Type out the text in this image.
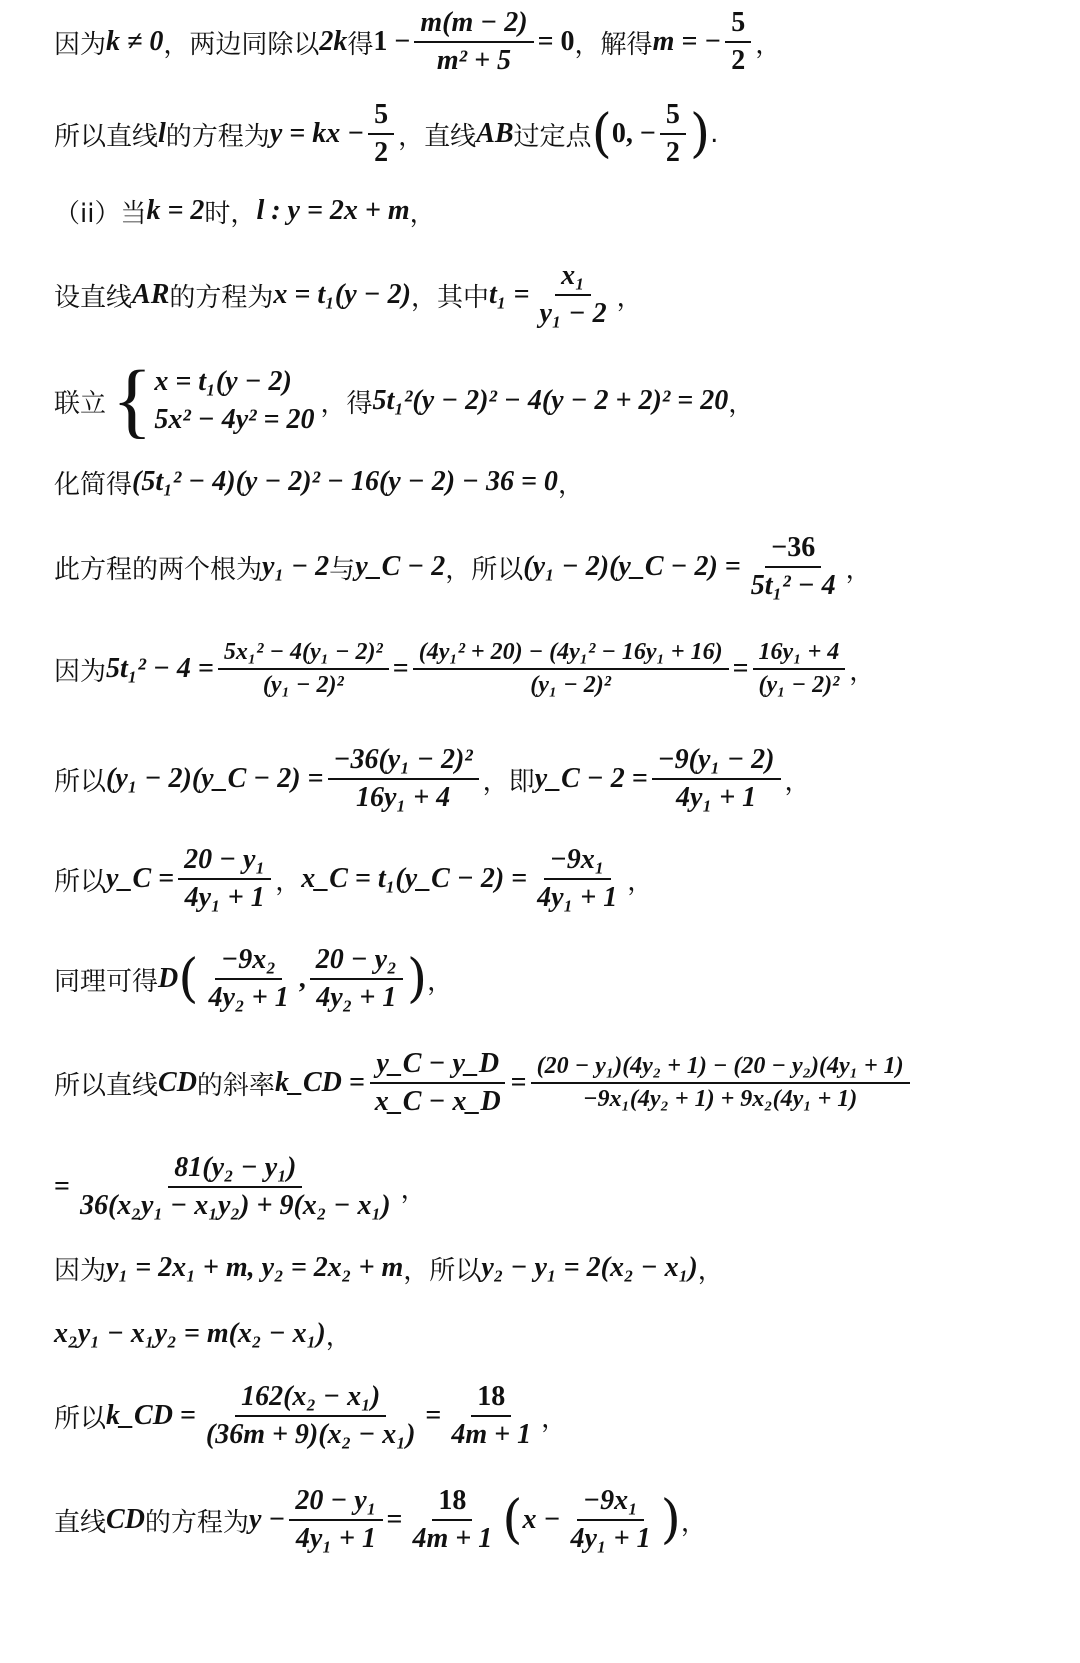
因为 k ≠ 0 ，两边同除以 2k 得 $1 - \frac{m(m - 2)}{\text{m² + 5}} = 0$ ，解得 m = − $\frac{5}{2}$ ，
所以直线 l 的方程为 y = kx − $\frac{5}{2}$ ，直线 AB 过定点 ( 0, − $\frac{5}{2}$ ) .
（ii）当 k = 2 时， l : y = 2x + m ，
设直线 AR 的方程为 x = t₁(y − 2) ，其中 $t_1 = \frac{\text{x₁}}{\text{y₁ − 2}}$ ，
联立 { x = t₁(y − 2)
5x² − 4y² = 20
，得 5t₁²(y − 2)² − 4(y − 2 + 2)² = 20 ，
化简得 (5t₁² − 4)(y − 2)² − 16(y − 2) − 36 = 0 ，
此方程的两个根为 y₁ − 2 与 y_C − 2 ，所以 (y₁ − 2)(y_C − $2) = \frac{-36}{\text{5t₁² − 4}}$ ，
因为 $5t_1^2 - 4 = \frac{\text{5x₁² − 4(y₁ − 2)²}}{\text{(y₁ − 2)²}} = \frac{\text{(4y₁² + 20) − (4y₁² − 16y₁ + 16)}}{\text{(y₁ − 2)²}} = \frac{\text{16y₁ + 4}}{\text{(y₁ − 2)²}}$ ，
所以 (y₁ − 2)(y_C − $2) = \frac{\text{−36(y₁ − 2)²}}{\text{16y₁ + 4}}$ ，即 y_C − $2 = \frac{\text{−9(y₁ − 2)}}{\text{4y₁ + 1}}$ ，
所以 y_C = $\frac{\text{20 − y₁}}{\text{4y₁ + 1}}$ ， x_C = t₁(y_C − $2) = \frac{\text{−9x₁}}{\text{4y₁ + 1}}$ ，
同理可得 D ( $\frac{\text{−9x₂}}{\text{4y₂ + 1}}$ , $\frac{\text{20 − y₂}}{\text{4y₂ + 1}}$ ) ，
所以直线 CD 的斜率 k_CD = $\frac{y\_C - y\_D}{x\_C - x\_D} = \frac{\text{(20 − y₁)(4y₂ + 1) − (20 − y₂)(4y₁ + 1)}}{\text{−9x₁(4y₂ + 1) + 9x₂(4y₁ + 1)}}$
= $\frac{\text{81(y₂ − y₁)}}{\text{36(x₂y₁ − x₁y₂) + 9(x₂ − x₁)}}$ ，
因为 y₁ = 2x₁ + m, y₂ = 2x₂ + m ，所以 y₂ − y₁ = 2(x₂ − x₁) ，
x₂y₁ − x₁y₂ = m(x₂ − x₁) ，
所以 k_CD = $\frac{\text{162(x₂ − x₁)}}{\text{(36m + 9)(x₂ − x₁)}} = \frac{18}{4m + 1}$ ，
直线 CD 的方程为 $y - \frac{\text{20 − y₁}}{\text{4y₁ + 1}} = \frac{18}{4m + 1}$ ( $x - \frac{\text{−9x₁}}{\text{4y₁ + 1}}$ ) ，
